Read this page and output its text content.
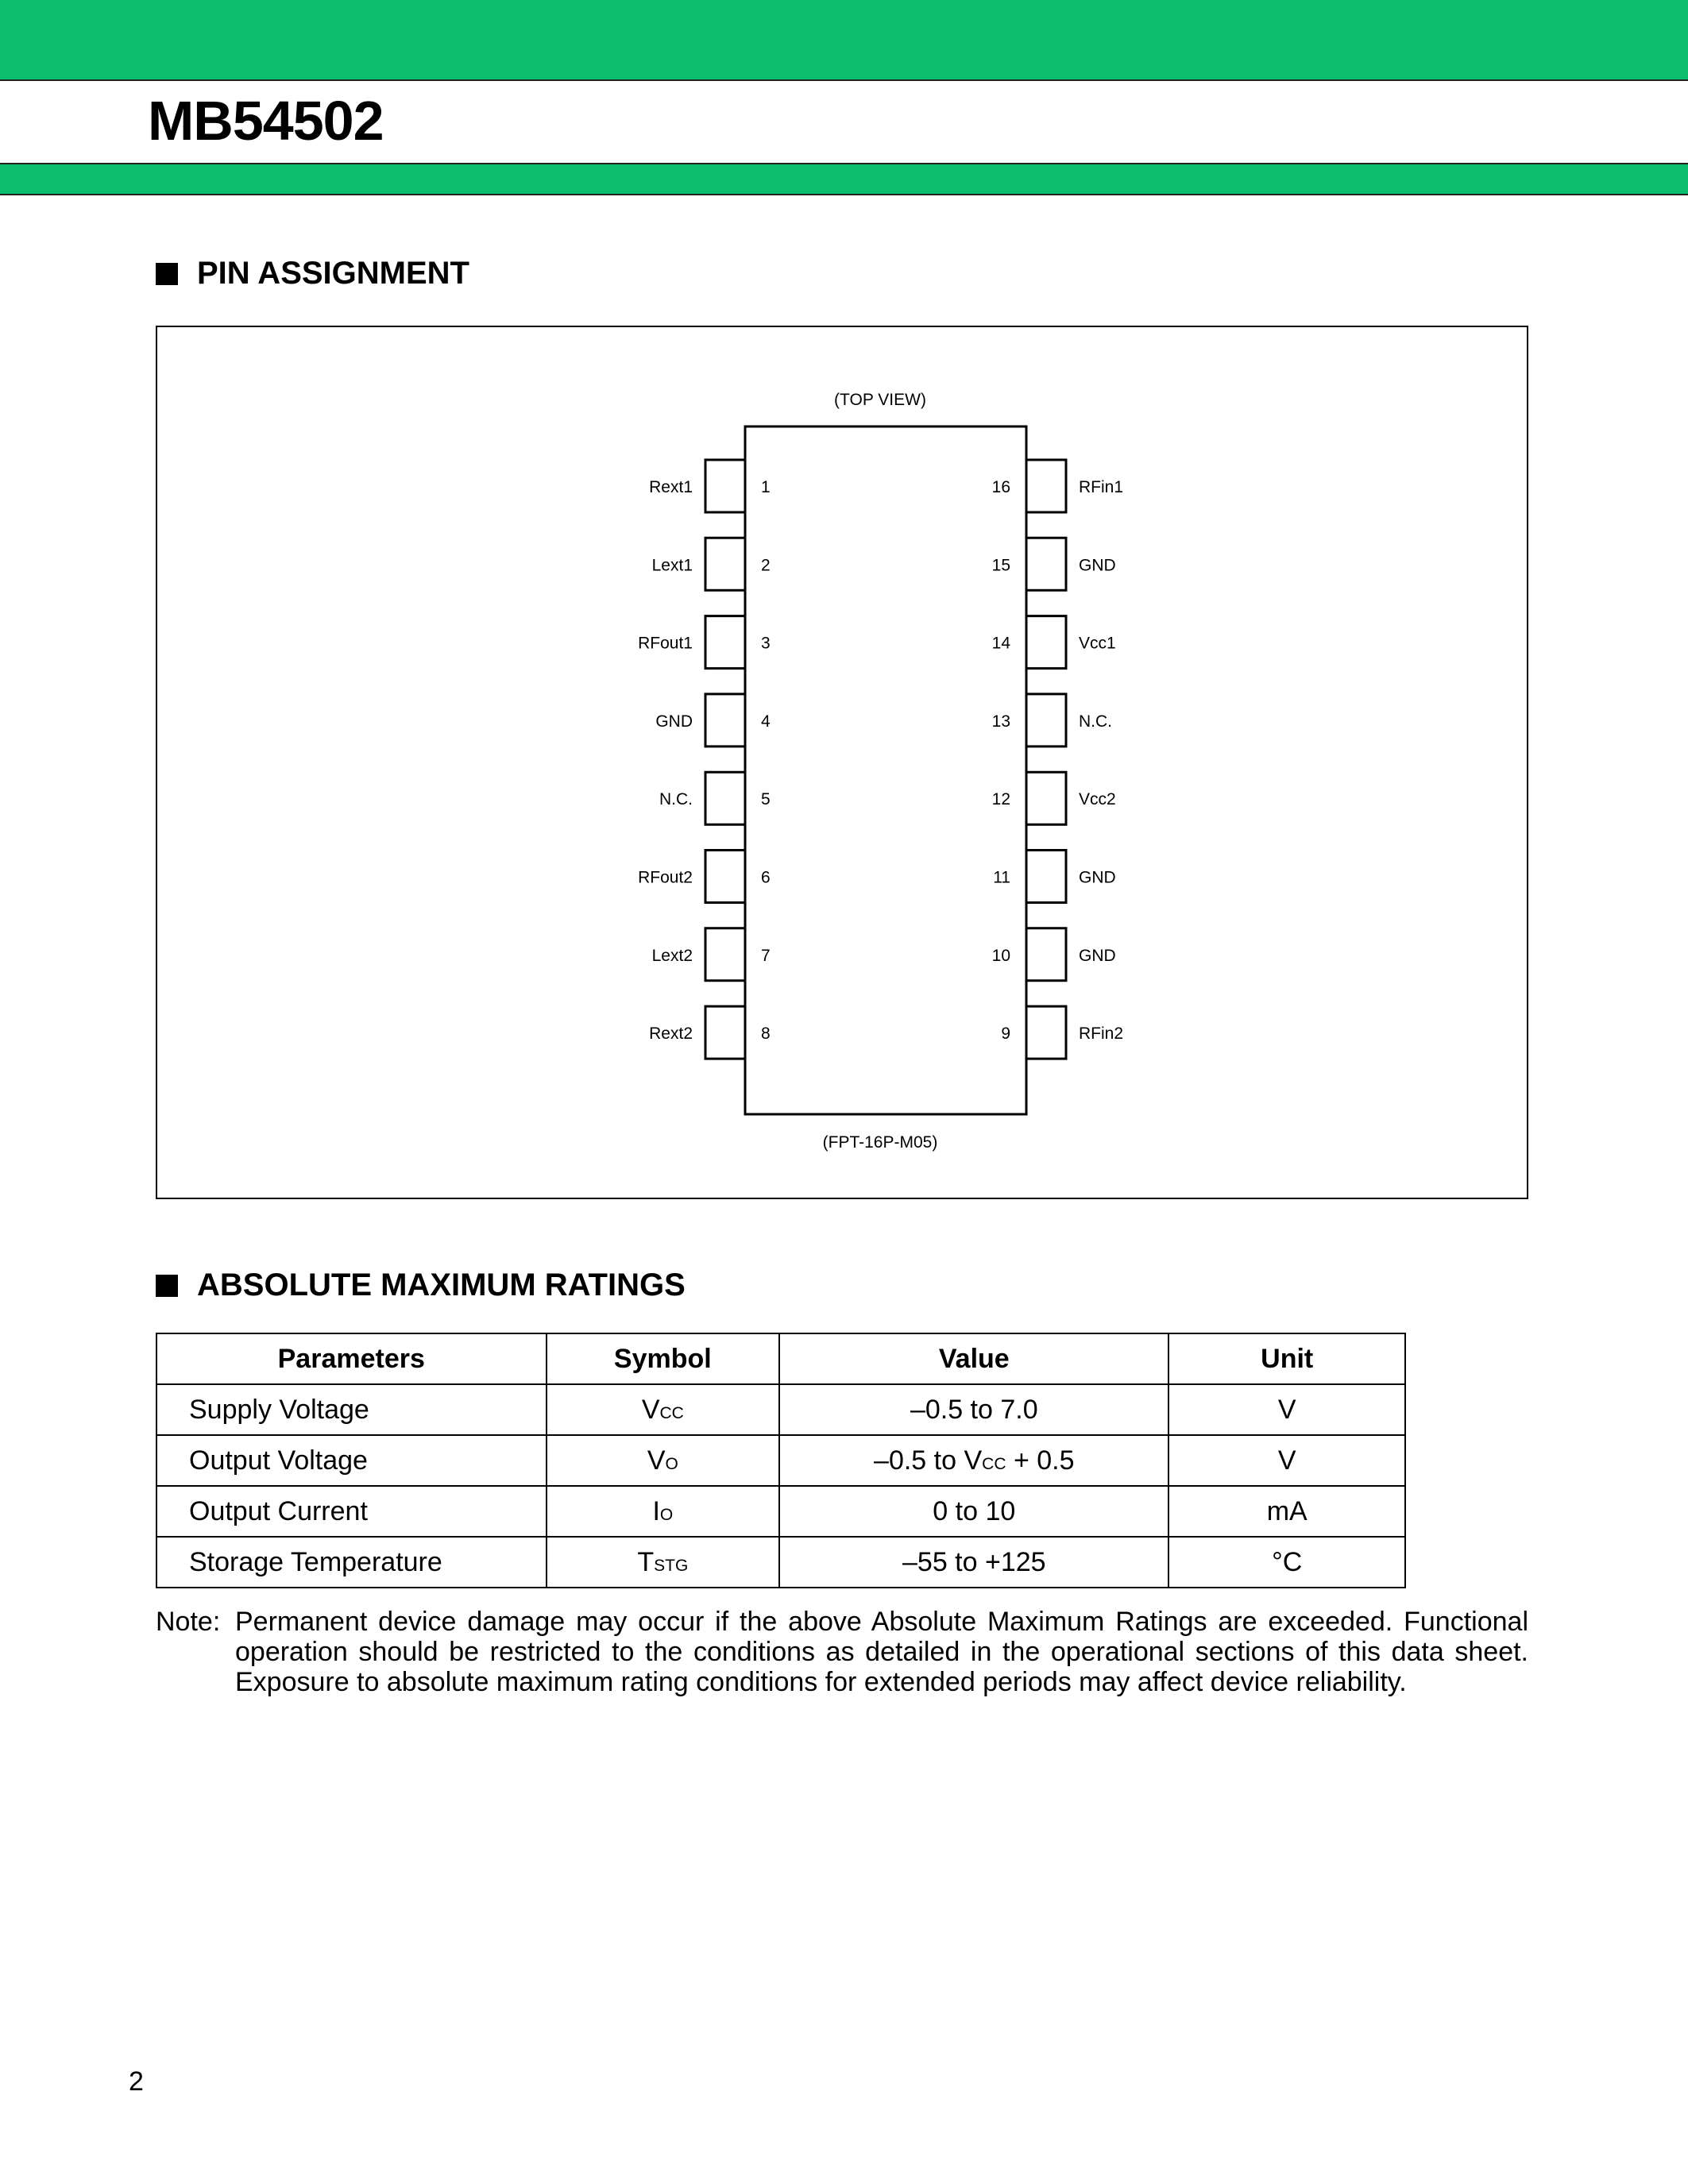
MB54502
PIN ASSIGNMENT
(TOP VIEW)
Rext1	1
Lext1	2
RFout1	3
GND	4
N.C.	5
RFout2	6
Lext2	7
Rext2	8
RFin1
16
GND
15
Vcc1
14
N.C.
13
Vcc2
12
GND
11
GND
10
RFin2
9
(FPT-16P-M05)
ABSOLUTE MAXIMUM RATINGS
Parameters	Symbol	Value	Unit
Supply Voltage	VCC	–0.5 to 7.0	V
Output Voltage	VO	–0.5 to VCC + 0.5	V
Output Current	IO	0 to 10	mA
Storage Temperature	TSTG	–55 to +125	°C
Note: Permanent device damage may occur if the above Absolute Maximum Ratings are exceeded. Functional operation should be restricted to the conditions as detailed in the operational sections of this data sheet. Exposure to absolute maximum rating conditions for extended periods may affect device reliability.
2
